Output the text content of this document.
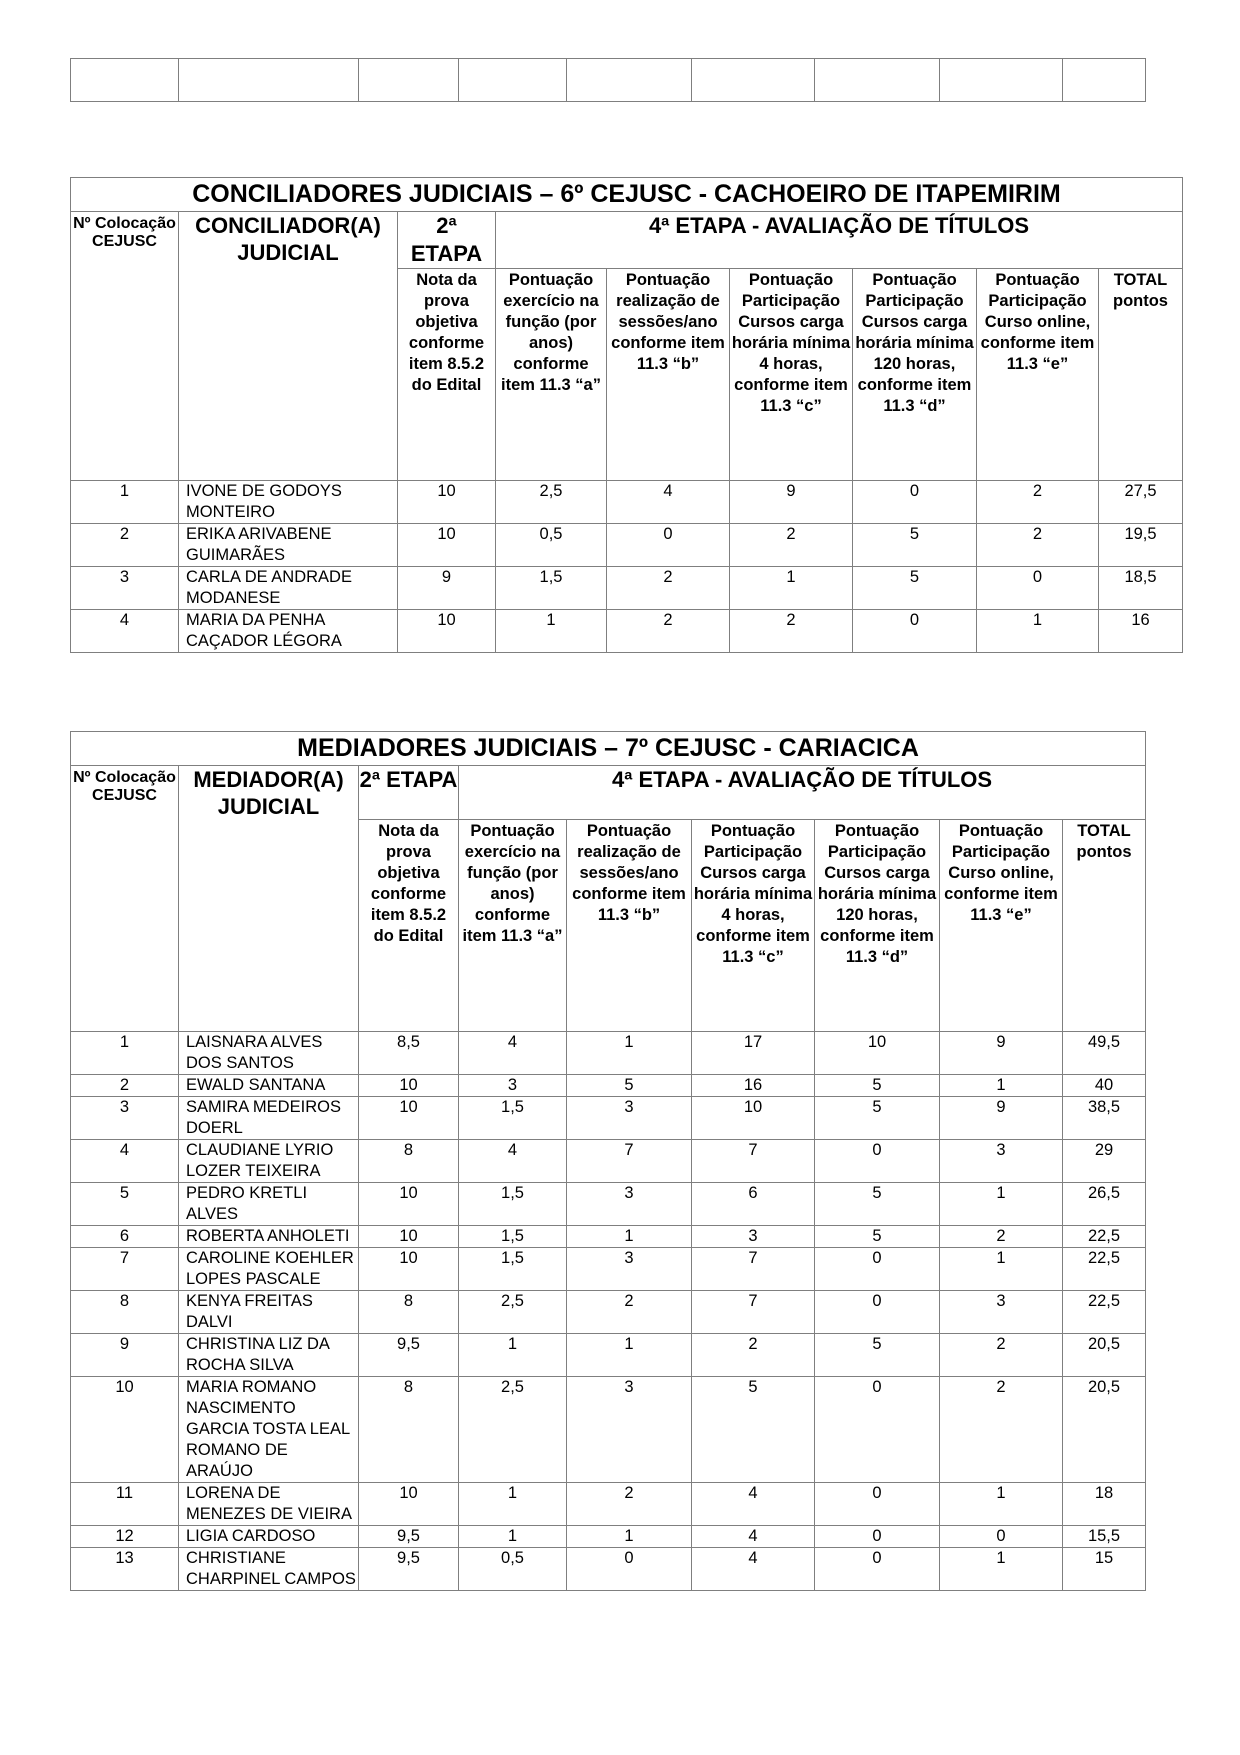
CONCILIADORES JUDICIAIS – 6º CEJUSC - CACHOEIRO DE ITAPEMIRIM								
Nº Colocação CEJUSC	CONCILIADOR(A) JUDICIAL	2ª ETAPA	4ª ETAPA - AVALIAÇÃO DE TÍTULOS					
		Nota da prova objetiva conforme item 8.5.2 do Edital	Pontuação exercício na função (por anos) conforme item 11.3 “a”	Pontuação realização de sessões/ano conforme item 11.3 “b”	Pontuação Participação Cursos carga horária mínima 4 horas, conforme item 11.3 “c”	Pontuação Participação Cursos carga horária mínima 120 horas, conforme item 11.3 “d”	Pontuação Participação Curso online, conforme item 11.3 “e”	TOTAL pontos
1	IVONE DE GODOYS MONTEIRO	10	2,5	4	9	0	2	27,5
2	ERIKA ARIVABENE GUIMARÃES	10	0,5	0	2	5	2	19,5
3	CARLA DE ANDRADE MODANESE	9	1,5	2	1	5	0	18,5
4	MARIA DA PENHA CAÇADOR LÉGORA	10	1	2	2	0	1	16
MEDIADORES JUDICIAIS – 7º CEJUSC - CARIACICA								
Nº Colocação CEJUSC	MEDIADOR(A) JUDICIAL	2ª ETAPA	4ª ETAPA - AVALIAÇÃO DE TÍTULOS					
		Nota da prova objetiva conforme item 8.5.2 do Edital	Pontuação exercício na função (por anos) conforme item 11.3 “a”	Pontuação realização de sessões/ano conforme item 11.3 “b”	Pontuação Participação Cursos carga horária mínima 4 horas, conforme item 11.3 “c”	Pontuação Participação Cursos carga horária mínima 120 horas, conforme item 11.3 “d”	Pontuação Participação Curso online, conforme item 11.3 “e”	TOTAL pontos
1	LAISNARA ALVES DOS SANTOS	8,5	4	1	17	10	9	49,5
2	EWALD SANTANA	10	3	5	16	5	1	40
3	SAMIRA MEDEIROS DOERL	10	1,5	3	10	5	9	38,5
4	CLAUDIANE LYRIO LOZER TEIXEIRA	8	4	7	7	0	3	29
5	PEDRO KRETLI ALVES	10	1,5	3	6	5	1	26,5
6	ROBERTA ANHOLETI	10	1,5	1	3	5	2	22,5
7	CAROLINE KOEHLER LOPES PASCALE	10	1,5	3	7	0	1	22,5
8	KENYA FREITAS DALVI	8	2,5	2	7	0	3	22,5
9	CHRISTINA LIZ DA ROCHA SILVA	9,5	1	1	2	5	2	20,5
10	MARIA ROMANO NASCIMENTO GARCIA TOSTA LEAL ROMANO DE ARAÚJO	8	2,5	3	5	0	2	20,5
11	LORENA DE MENEZES DE VIEIRA	10	1	2	4	0	1	18
12	LIGIA CARDOSO	9,5	1	1	4	0	0	15,5
13	CHRISTIANE CHARPINEL CAMPOS	9,5	0,5	0	4	0	1	15
